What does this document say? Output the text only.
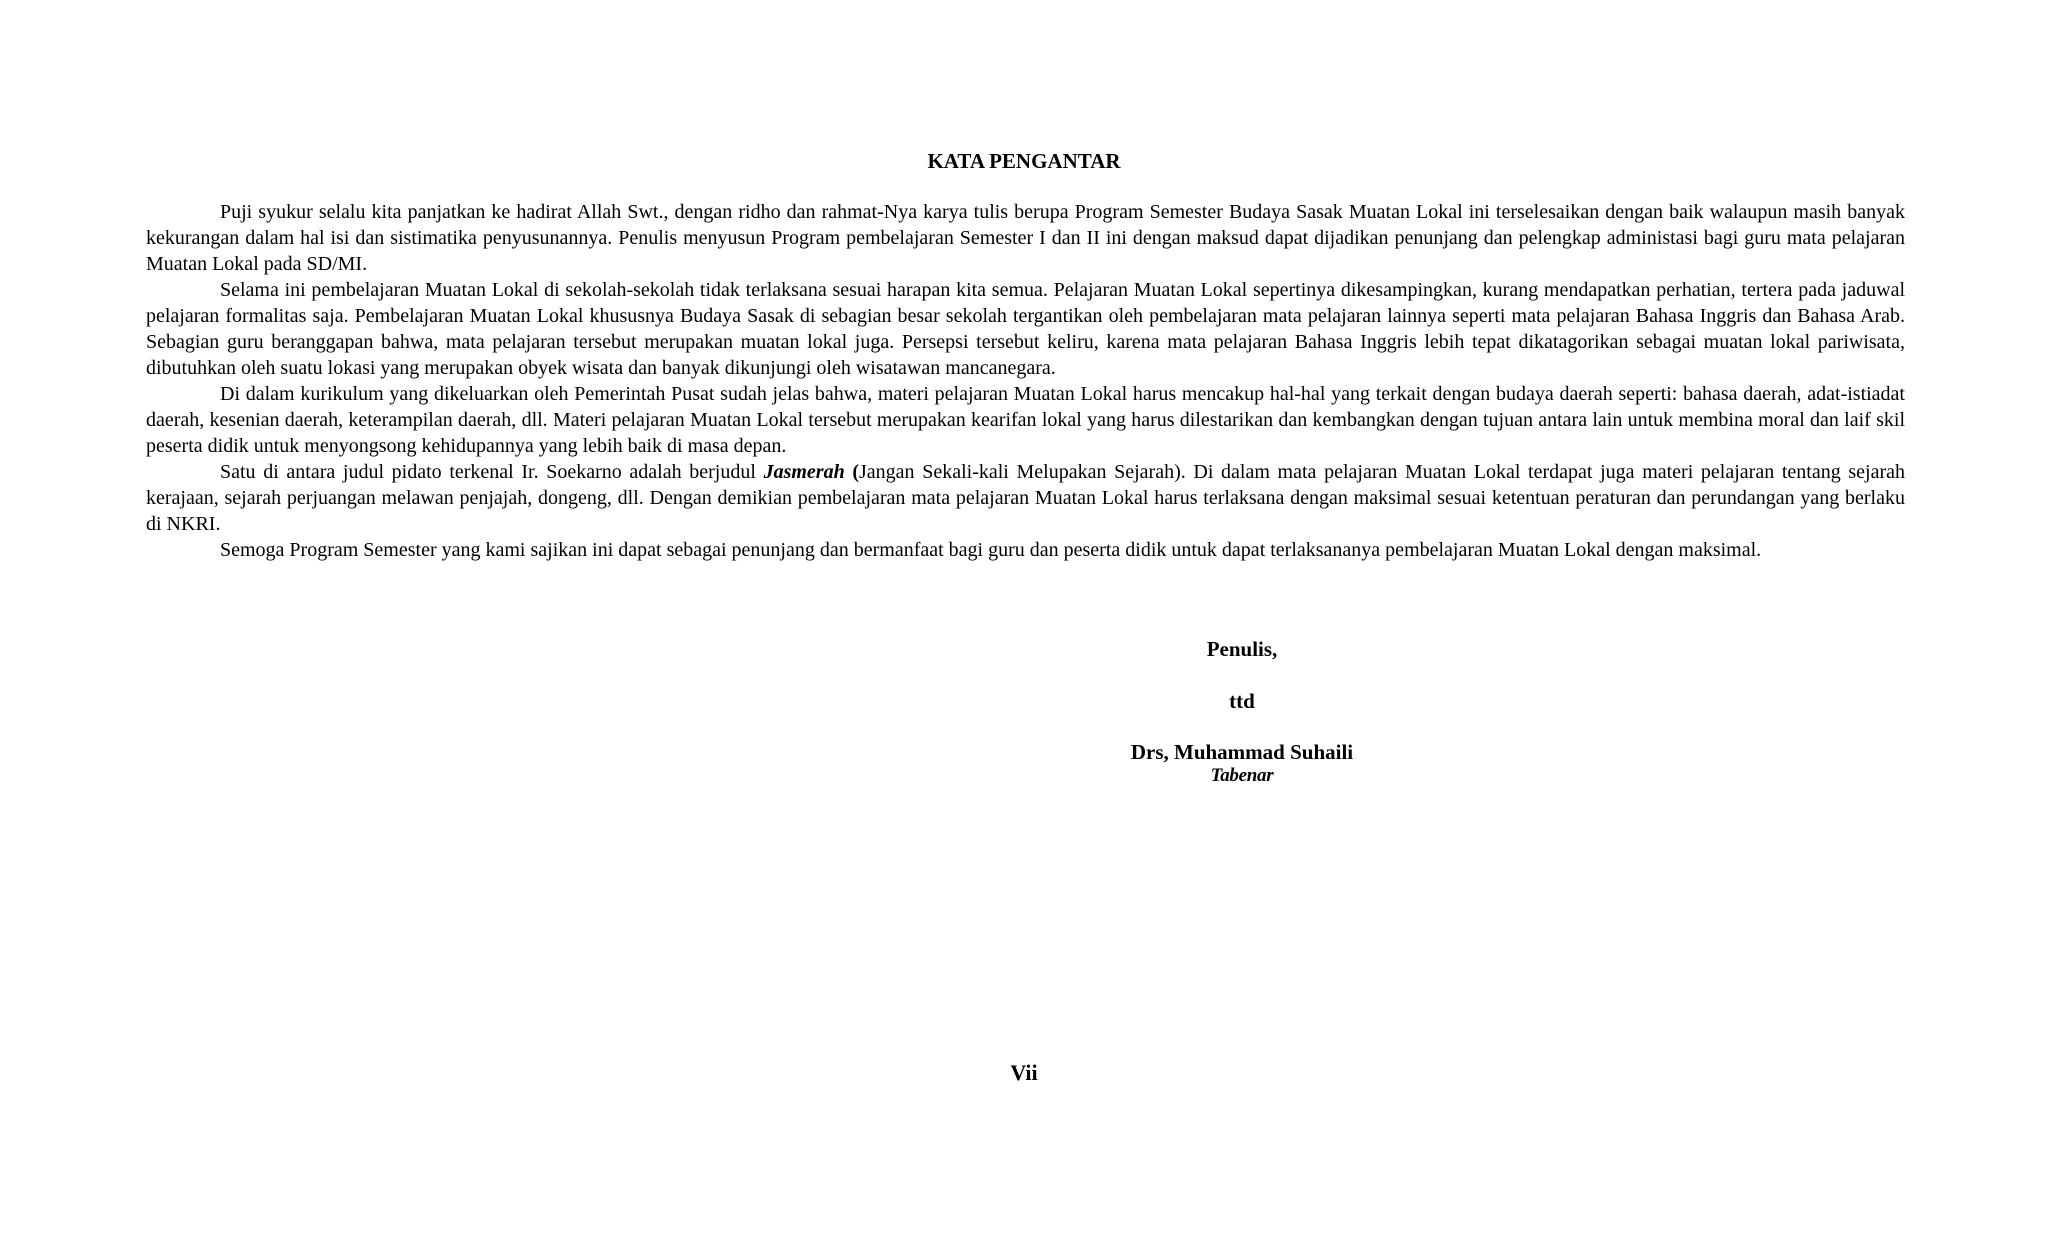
KATA PENGANTAR

Puji syukur selalu kita panjatkan ke hadirat Allah Swt., dengan ridho dan rahmat-Nya karya tulis berupa Program Semester Budaya Sasak Muatan Lokal ini terselesaikan dengan baik walaupun masih banyak kekurangan dalam hal isi dan sistimatika penyusunannya. Penulis menyusun Program pembelajaran Semester I dan II ini dengan maksud dapat dijadikan penunjang dan pelengkap administasi bagi guru mata pelajaran Muatan Lokal pada SD/MI.

Selama ini pembelajaran Muatan Lokal di sekolah-sekolah tidak terlaksana sesuai harapan kita semua. Pelajaran Muatan Lokal sepertinya dikesampingkan, kurang mendapatkan perhatian, tertera pada jaduwal pelajaran formalitas saja. Pembelajaran Muatan Lokal khususnya Budaya Sasak di sebagian besar sekolah tergantikan oleh pembelajaran mata pelajaran lainnya seperti mata pelajaran Bahasa Inggris dan Bahasa Arab. Sebagian guru beranggapan bahwa, mata pelajaran tersebut merupakan muatan lokal juga. Persepsi tersebut keliru, karena mata pelajaran Bahasa Inggris lebih tepat dikatagorikan sebagai muatan lokal pariwisata, dibutuhkan oleh suatu lokasi yang merupakan obyek wisata dan banyak dikunjungi oleh wisatawan mancanegara.

Di dalam kurikulum yang dikeluarkan oleh Pemerintah Pusat sudah jelas bahwa, materi pelajaran Muatan Lokal harus mencakup hal-hal yang terkait dengan budaya daerah seperti: bahasa daerah, adat-istiadat daerah, kesenian daerah, keterampilan daerah, dll. Materi pelajaran Muatan Lokal tersebut merupakan kearifan lokal yang harus dilestarikan dan kembangkan dengan tujuan antara lain untuk membina moral dan laif skil peserta didik untuk menyongsong kehidupannya yang lebih baik di masa depan.

Satu di antara judul pidato terkenal Ir. Soekarno adalah berjudul Jasmerah (Jangan Sekali-kali Melupakan Sejarah). Di dalam mata pelajaran Muatan Lokal terdapat juga materi pelajaran tentang sejarah kerajaan, sejarah perjuangan melawan penjajah, dongeng, dll. Dengan demikian pembelajaran mata pelajaran Muatan Lokal harus terlaksana dengan maksimal sesuai ketentuan peraturan dan perundangan yang berlaku di NKRI.

Semoga Program Semester yang kami sajikan ini dapat sebagai penunjang dan bermanfaat bagi guru dan peserta didik untuk dapat terlaksananya pembelajaran Muatan Lokal dengan maksimal.

Penulis,
ttd
Drs, Muhammad Suhaili
Tabenar
Vii
